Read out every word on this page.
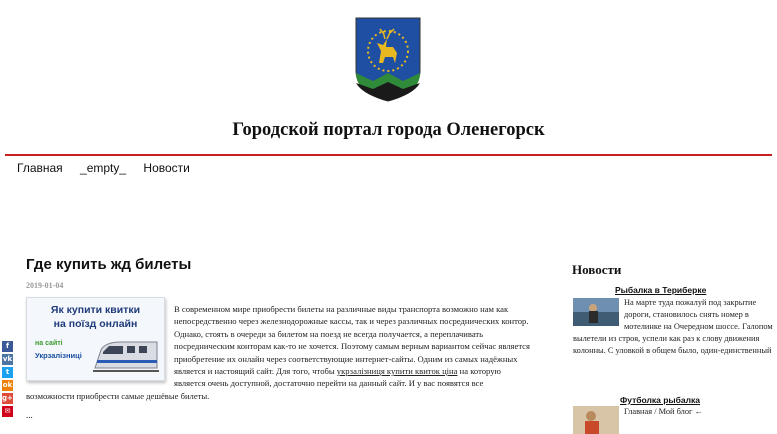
Городской портал города Оленегорск
Главная _empty_ Новости
Где купить жд билеты
2019-01-04
В современном мире приобрести билеты на различные виды транспорта возможно нам как непосредственно через железнодорожные кассы, так и через различных посреднических контор. Однако, стоять в очереди за билетом на поезд не всегда получается, а переплачивать посредническим конторам как-то не хочется. Поэтому самым верным вариантом сейчас является приобретение их онлайн через соответствующие интернет-сайты. Одним из самых надёжных является и настоящий сайт. Для того, чтобы укрзалізниця купити квиток ціна на которую является очень доступной, достаточно перейти на данный сайт. И у вас появятся все возможности приобрести самые дешёвые билеты.
Як купити квитки
на поїзд онлайн
на сайті
Укрзалізниці
...
f
vk
t
ok
g+
✉
Новости
Рыбалка в Териберке
На марте туда пожалуй под закрытие дороги, становилось снять номер в мотелинке на Очередном шоссе. Галопом вылетели из строя, успели как раз к слову движения колонны. С уловкой в общем было, один-единственный
Футболка рыбалка
Главная / Мой блог ←
